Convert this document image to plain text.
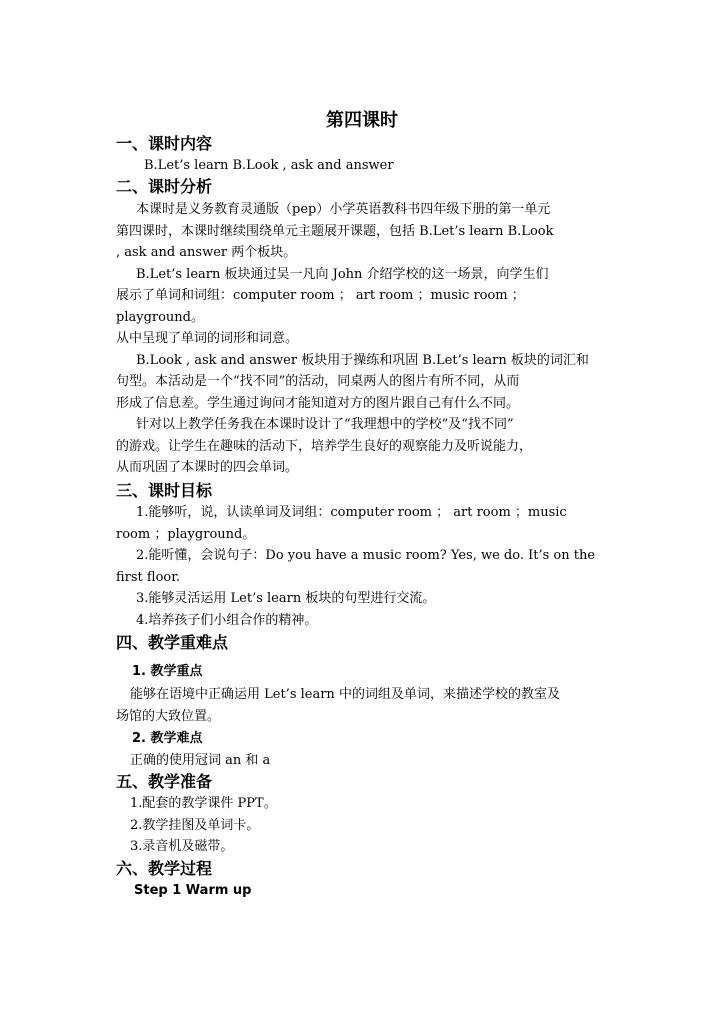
第四课时
一、课时内容
B.Let’s learn B.Look , ask and answer
二、课时分析
本课时是义务教育灵通版（pep）小学英语教科书四年级下册的第一单元
第四课时，本课时继续围绕单元主题展开课题，包括 B.Let’s learn B.Look
, ask and answer 两个板块。
B.Let’s learn 板块通过吴一凡向 John 介绍学校的这一场景，向学生们
展示了单词和词组：computer room ； art room ；music room ；
playground。
从中呈现了单词的词形和词意。
B.Look , ask and answer 板块用于操练和巩固 B.Let’s learn 板块的词汇和
句型。本活动是一个“找不同”的活动，同桌两人的图片有所不同，从而
形成了信息差。学生通过询问才能知道对方的图片跟自己有什么不同。
针对以上教学任务我在本课时设计了“我理想中的学校”及“找不同”
的游戏。让学生在趣味的活动下，培养学生良好的观察能力及听说能力，
从而巩固了本课时的四会单词。
三、课时目标
1.能够听，说，认读单词及词组：computer room ； art room ；music
room ；playground。
2.能听懂，会说句子：Do you have a music room? Yes, we do. It’s on the
first floor.
3.能够灵活运用 Let’s learn 板块的句型进行交流。
4.培养孩子们小组合作的精神。
四、教学重难点
1. 教学重点
能够在语境中正确运用 Let’s learn 中的词组及单词，来描述学校的教室及
场馆的大致位置。
2. 教学难点
正确的使用冠词 an 和 a
五、教学准备
1.配套的教学课件 PPT。
2.教学挂图及单词卡。
3.录音机及磁带。
六、教学过程
Step 1 Warm up
